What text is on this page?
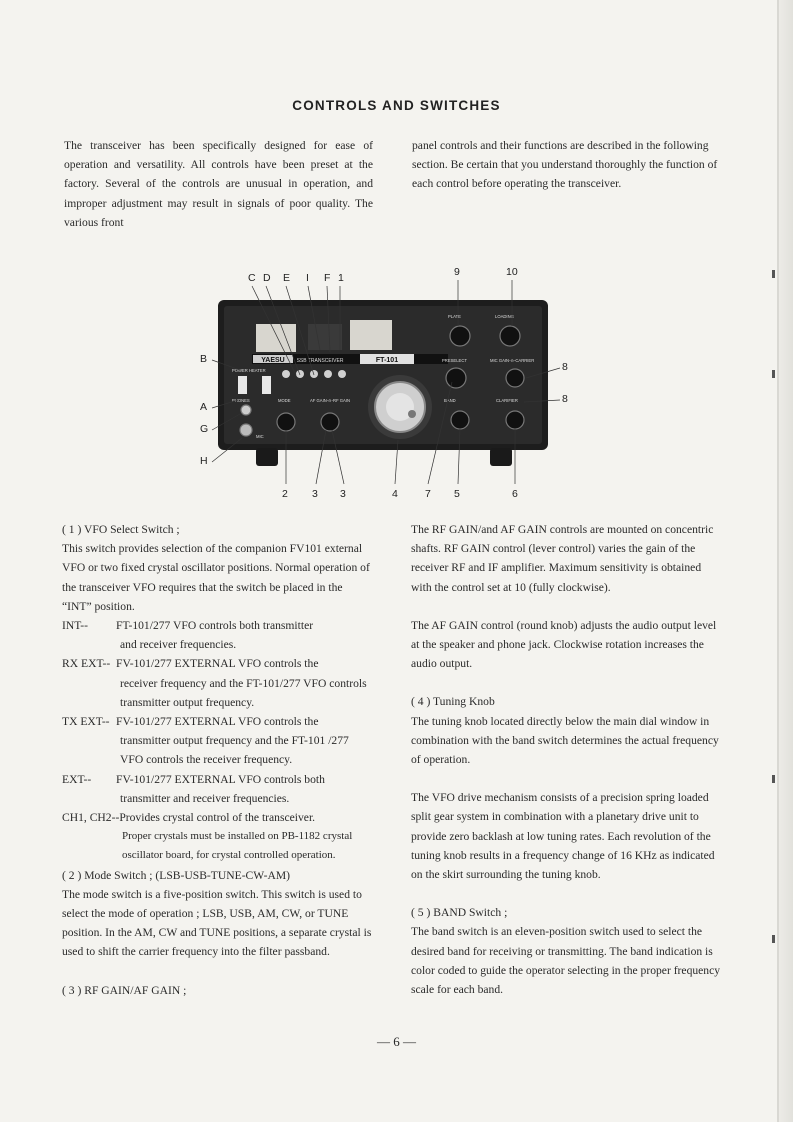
CONTROLS AND SWITCHES

The transceiver has been specifically designed for ease of operation and versatility. All controls have been preset at the factory. Several of the controls are unusual in operation, and improper adjustment may result in signals of poor quality. The various front

panel controls and their functions are described in the following section. Be certain that you understand thoroughly the function of each control before operating the transceiver.

YAESU SSB TRANSCEIVER	FT-101
POWER HEATER
PHONES
MIC
MODE	AF GAIN-⊖-RF GAIN
PLATE	LOADING
PRESELECT	MIC GAIN-⊖-CARRIER
BAND	CLARIFIER
C D E I F 1	9	10
B
A
G
H
8
8
2 3 3	4	7 5	6

( 1 ) VFO Select Switch ;

This switch provides selection of the companion FV101 external VFO or two fixed crystal oscillator positions. Normal operation of the transceiver VFO requires that the switch be placed in the “INT” position.

INT--	FT-101/277 VFO controls both transmitter

and receiver frequencies.

RX EXT-- FV-101/277 EXTERNAL VFO controls the

receiver frequency and the FT-101/277 VFO controls transmitter output frequency.

TX EXT-- FV-101/277 EXTERNAL VFO controls the

transmitter output frequency and the FT-101 /277 VFO controls the receiver frequency.

EXT--	FV-101/277 EXTERNAL VFO controls both

transmitter and receiver frequencies.

CH1, CH2--Provides crystal control of the transceiver.

Proper crystals must be installed on PB-1182 crystal oscillator board, for crystal controlled operation.

( 2 ) Mode Switch ; (LSB-USB-TUNE-CW-AM)

The mode switch is a five-position switch. This switch is used to select the mode of operation ; LSB, USB, AM, CW, or TUNE position. In the AM, CW and TUNE positions, a separate crystal is used to shift the carrier frequency into the filter passband.

( 3 ) RF GAIN/AF GAIN ;

The RF GAIN/and AF GAIN controls are mounted on concentric shafts. RF GAIN control (lever control) varies the gain of the receiver RF and IF amplifier. Maximum sensitivity is obtained with the control set at 10 (fully clockwise).

The AF GAIN control (round knob) adjusts the audio output level at the speaker and phone jack. Clockwise rotation increases the audio output.

( 4 ) Tuning Knob

The tuning knob located directly below the main dial window in combination with the band switch determines the actual frequency of operation.

The VFO drive mechanism consists of a precision spring loaded split gear system in combination with a planetary drive unit to provide zero backlash at low tuning rates. Each revolution of the tuning knob results in a frequency change of 16 KHz as indicated on the skirt surrounding the tuning knob.

( 5 ) BAND Switch ;

The band switch is an eleven-position switch used to select the desired band for receiving or transmitting. The band indication is color coded to guide the operator selecting in the proper frequency scale for each band.

— 6 —
